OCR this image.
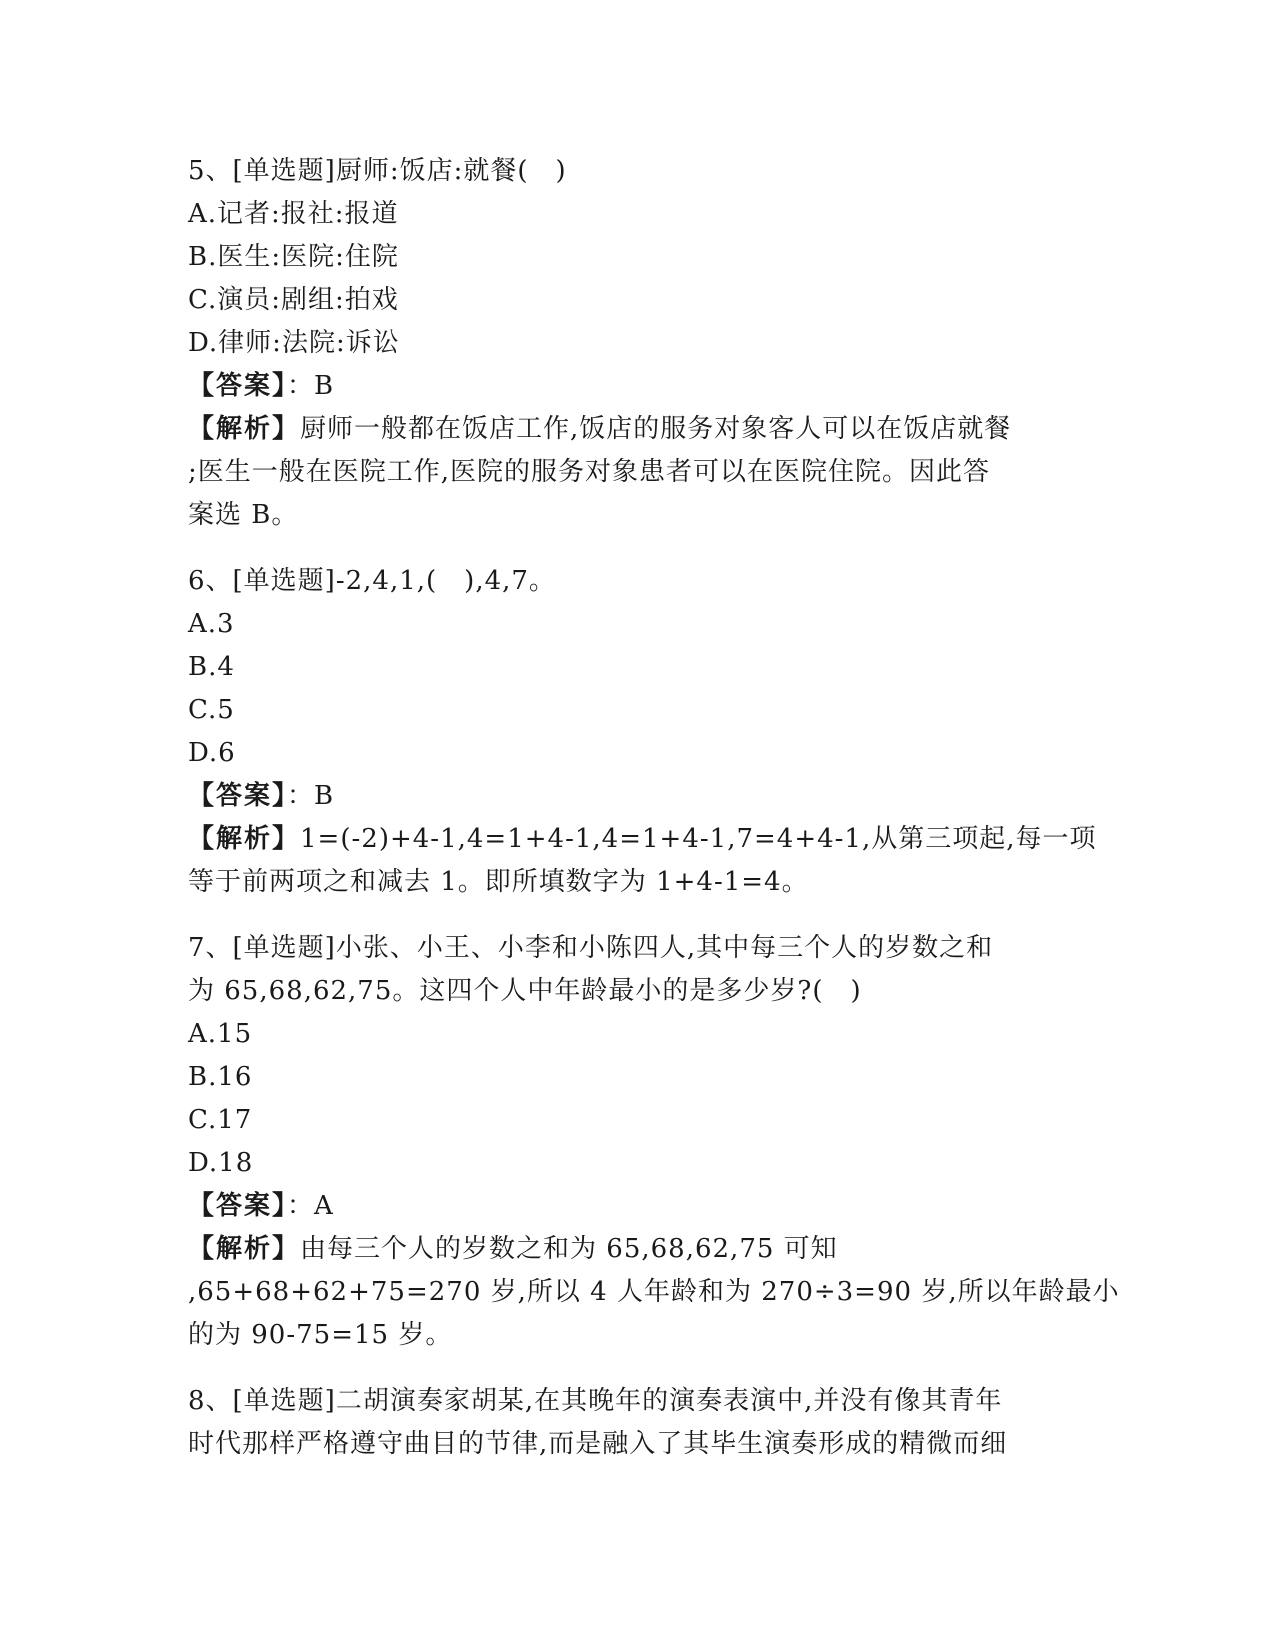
5、[单选题]厨师:饭店:就餐(　)
A.记者:报社:报道
B.医生:医院:住院
C.演员:剧组:拍戏
D.律师:法院:诉讼
【答案】：B
【解析】厨师一般都在饭店工作,饭店的服务对象客人可以在饭店就餐
;医生一般在医院工作,医院的服务对象患者可以在医院住院。因此答
案选 B。
6、[单选题]-2,4,1,(　),4,7。
A.3
B.4
C.5
D.6
【答案】：B
【解析】1=(-2)+4-1,4=1+4-1,4=1+4-1,7=4+4-1,从第三项起,每一项
等于前两项之和减去 1。即所填数字为 1+4-1=4。
7、[单选题]小张、小王、小李和小陈四人,其中每三个人的岁数之和
为 65,68,62,75。这四个人中年龄最小的是多少岁?(　)
A.15
B.16
C.17
D.18
【答案】：A
【解析】由每三个人的岁数之和为 65,68,62,75 可知
,65+68+62+75=270 岁,所以 4 人年龄和为 270÷3=90 岁,所以年龄最小
的为 90-75=15 岁。
8、[单选题]二胡演奏家胡某,在其晚年的演奏表演中,并没有像其青年
时代那样严格遵守曲目的节律,而是融入了其毕生演奏形成的精微而细
